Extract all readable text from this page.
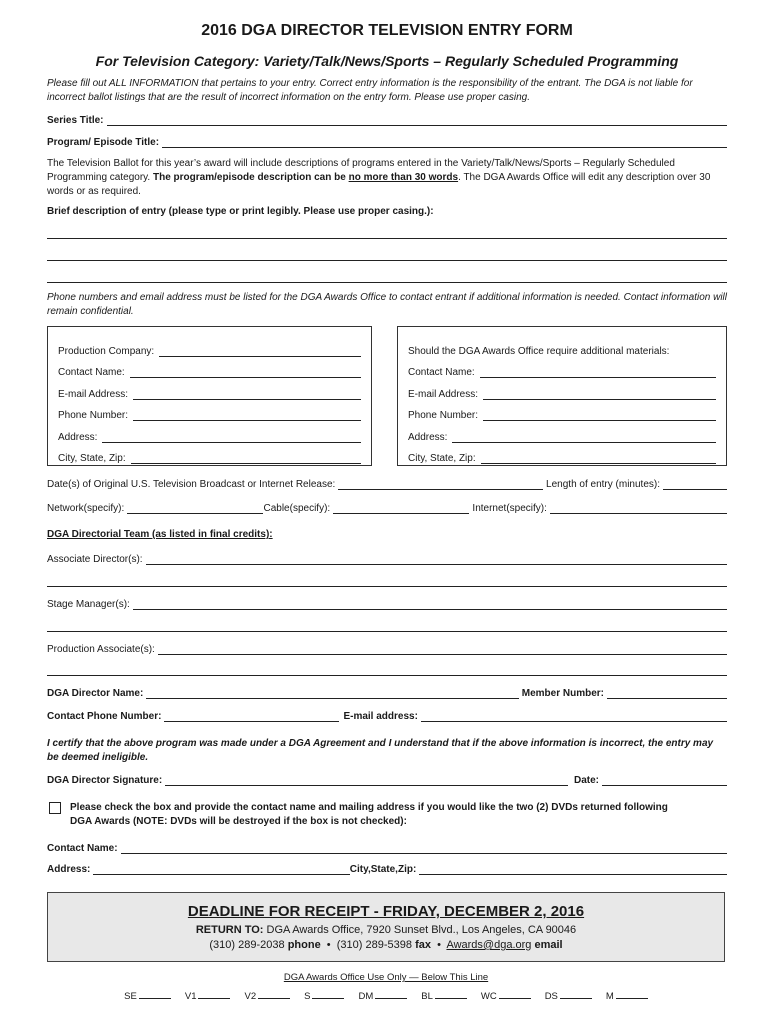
2016 DGA DIRECTOR TELEVISION ENTRY FORM
For Television Category: Variety/Talk/News/Sports – Regularly Scheduled Programming
Please fill out ALL INFORMATION that pertains to your entry. Correct entry information is the responsibility of the entrant. The DGA is not liable for incorrect ballot listings that are the result of incorrect information on the entry form. Please use proper casing.
Series Title:
Program/ Episode Title:
The Television Ballot for this year’s award will include descriptions of programs entered in the Variety/Talk/News/Sports – Regularly Scheduled Programming category. The program/episode description can be no more than 30 words. The DGA Awards Office will edit any description over 30 words or as required.
Brief description of entry (please type or print legibly. Please use proper casing.):
Phone numbers and email address must be listed for the DGA Awards Office to contact entrant if additional information is needed. Contact information will remain confidential.
Production Company:
Contact Name:
E-mail Address:
Phone Number:
Address:
City, State, Zip:
Should the DGA Awards Office require additional materials:
Contact Name:
E-mail Address:
Phone Number:
Address:
City, State, Zip:
Date(s) of Original U.S. Television Broadcast or Internet Release:	Length of entry (minutes):
Network(specify):	Cable(specify):	Internet(specify):
DGA Directorial Team (as listed in final credits):
Associate Director(s):
Stage Manager(s):
Production Associate(s):
DGA Director Name:	Member Number:
Contact Phone Number:	E-mail address:
I certify that the above program was made under a DGA Agreement and I understand that if the above information is incorrect, the entry may be deemed ineligible.
DGA Director Signature:	Date:
Please check the box and provide the contact name and mailing address if you would like the two (2) DVDs returned following DGA Awards (NOTE: DVDs will be destroyed if the box is not checked):
Contact Name:
Address:	City,State,Zip:
DEADLINE FOR RECEIPT - FRIDAY, DECEMBER 2, 2016
RETURN TO: DGA Awards Office, 7920 Sunset Blvd., Los Angeles, CA 90046
(310) 289-2038 phone  •  (310) 289-5398 fax  •  Awards@dga.org email
DGA Awards Office Use Only — Below This Line
SE	V1	V2	S	DM	BL	WC	DS	M
